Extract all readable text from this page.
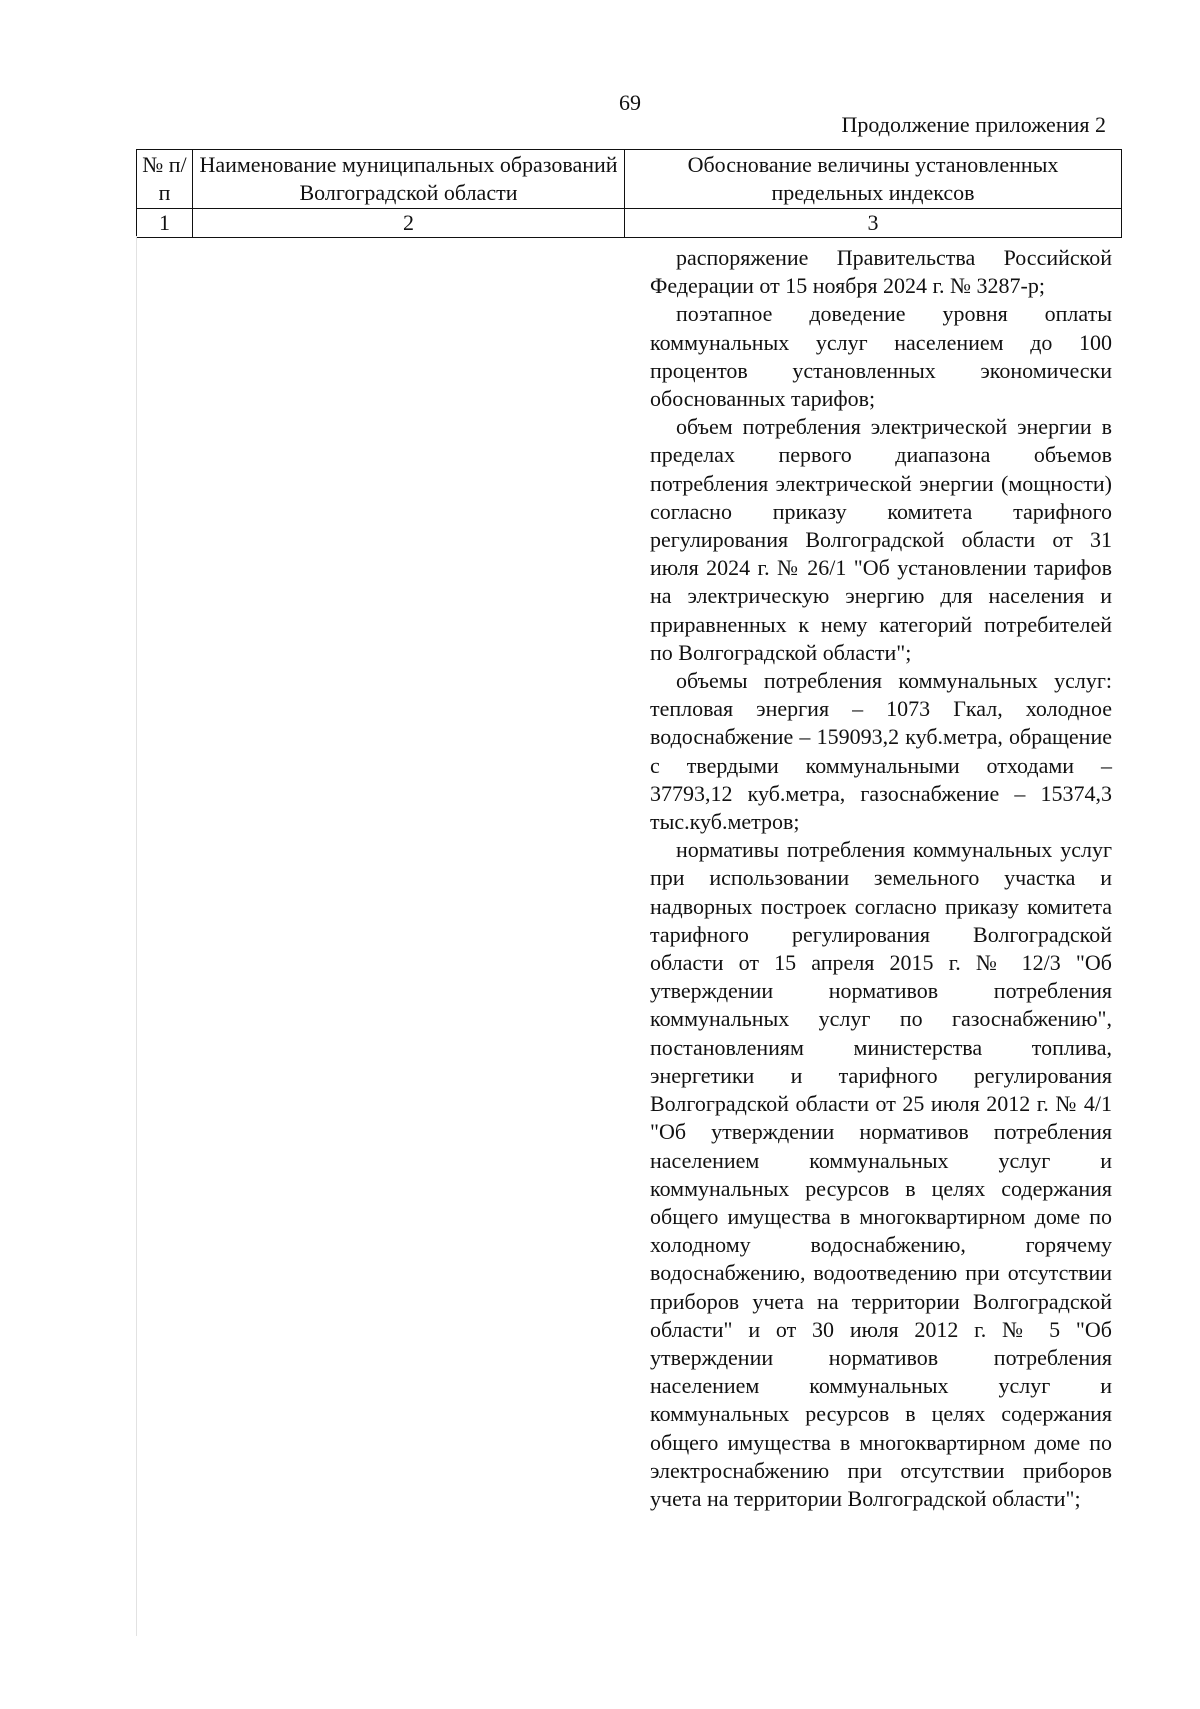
69
Продолжение приложения 2
№ п/п	Наименование муниципальных образований Волгоградской области	Обоснование величины установленных предельных индексов
1	2	3

распоряжение Правительства Российской Федерации от 15 ноября 2024 г. № 3287-р;

поэтапное доведение уровня оплаты коммунальных услуг населением до 100 процентов установленных экономически обоснованных тарифов;

объем потребления электрической энергии в пределах первого диапазона объемов потребления электрической энергии (мощности) согласно приказу комитета тарифного регулирования Волгоградской области от 31 июля 2024 г. № 26/1 "Об установлении тарифов на электрическую энергию для населения и приравненных к нему категорий потребителей по Волгоградской области";

объемы потребления коммунальных услуг: тепловая энергия – 1073 Гкал, холодное водоснабжение – 159093,2 куб.метра, обращение с твердыми коммунальными отходами – 37793,12 куб.метра, газоснабжение – 15374,3 тыс.куб.метров;

нормативы потребления коммунальных услуг при использовании земельного участка и надворных построек согласно приказу комитета тарифного регулирования Волгоградской области от 15 апреля 2015 г. № 12/3 "Об утверждении нормативов потребления коммунальных услуг по газоснабжению", постановлениям министерства топлива, энергетики и тарифного регулирования Волгоградской области от 25 июля 2012 г. № 4/1 "Об утверждении нормативов потребления населением коммунальных услуг и коммунальных ресурсов в целях содержания общего имущества в многоквартирном доме по холодному водоснабжению, горячему водоснабжению, водоотведению при отсутствии приборов учета на территории Волгоградской области" и от 30 июля 2012 г. № 5 "Об утверждении нормативов потребления населением коммунальных услуг и коммунальных ресурсов в целях содержания общего имущества в многоквартирном доме по электроснабжению при отсутствии приборов учета на территории Волгоградской области";
